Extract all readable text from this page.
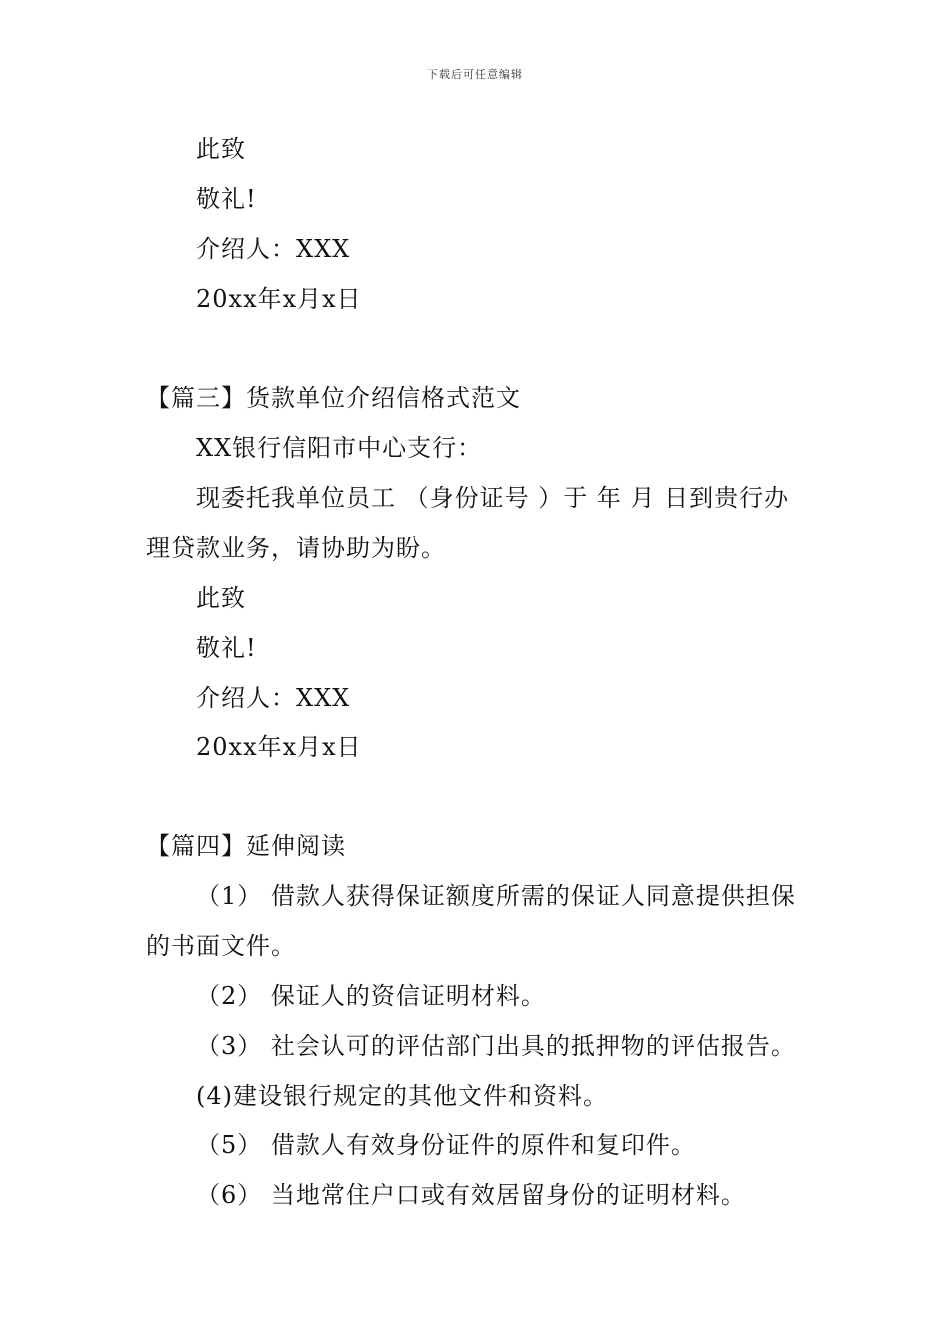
下载后可任意编辑
此致
敬礼!
介绍人：XXX
20xx年x月x日
【篇三】货款单位介绍信格式范文
XX银行信阳市中心支行：
现委托我单位员工 （身份证号 ）于 年 月 日到贵行办
理贷款业务，请协助为盼。
此致
敬礼!
介绍人：XXX
20xx年x月x日
【篇四】延伸阅读
（1） 借款人获得保证额度所需的保证人同意提供担保
的书面文件。
（2） 保证人的资信证明材料。
（3） 社会认可的评估部门出具的抵押物的评估报告。
(4)建设银行规定的其他文件和资料。
（5） 借款人有效身份证件的原件和复印件。
（6） 当地常住户口或有效居留身份的证明材料。
